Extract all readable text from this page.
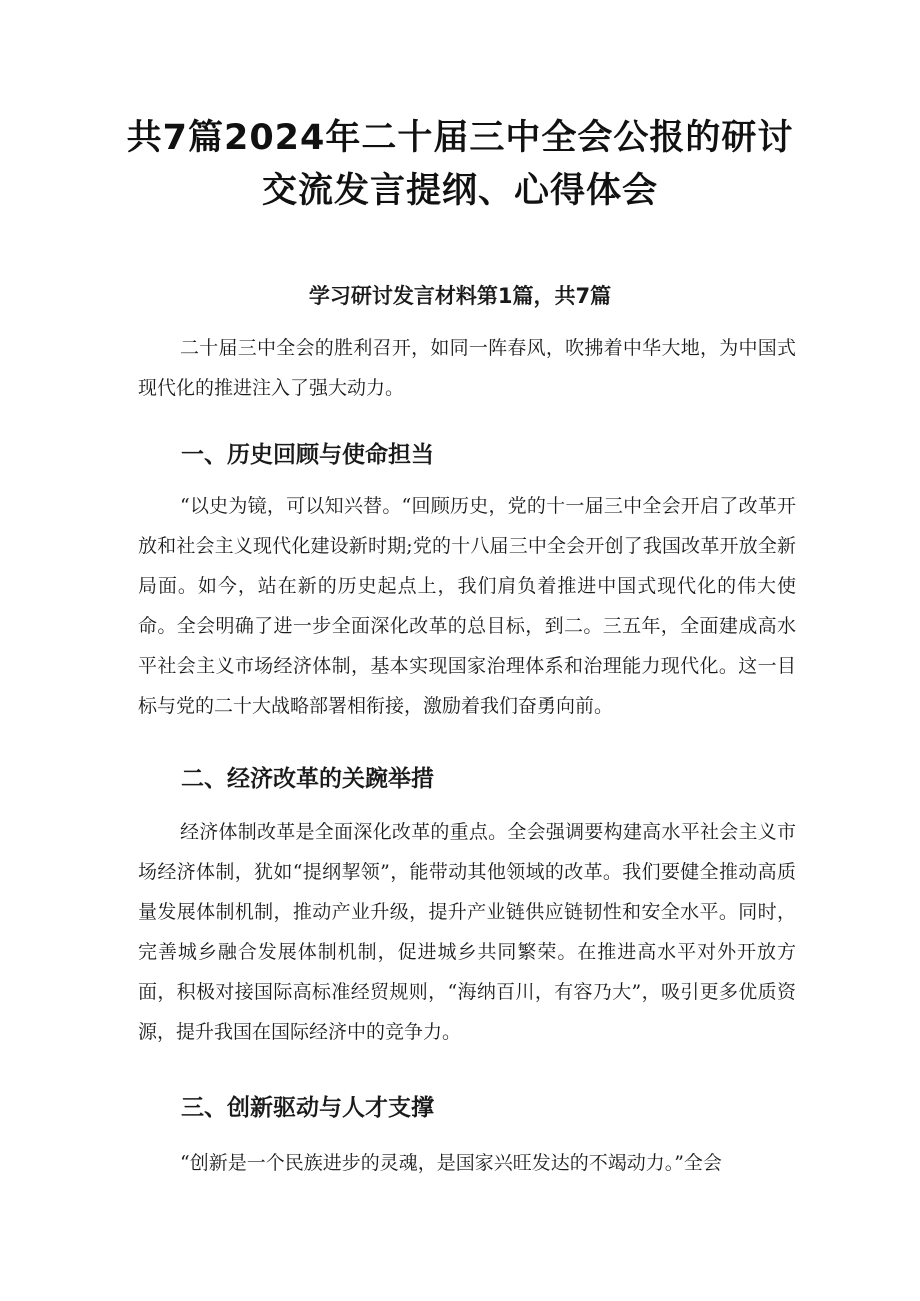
共7篇2024年二十届三中全会公报的研讨
交流发言提纲、心得体会
学习研讨发言材料第1篇，共7篇

二十届三中全会的胜利召开，如同一阵春风，吹拂着中华大地，为中国式现代化的推进注入了强大动力。

一、历史回顾与使命担当

“以史为镜，可以知兴替。“回顾历史，党的十一届三中全会开启了改革开放和社会主义现代化建设新时期;党的十八届三中全会开创了我国改革开放全新局面。如今，站在新的历史起点上，我们肩负着推进中国式现代化的伟大使命。全会明确了进一步全面深化改革的总目标，到二。三五年，全面建成高水平社会主义市场经济体制，基本实现国家治理体系和治理能力现代化。这一目标与党的二十大战略部署相衔接，激励着我们奋勇向前。

二、经济改革的关踠举措

经济体制改革是全面深化改革的重点。全会强调要构建高水平社会主义市场经济体制，犹如“提纲挈领”，能带动其他领域的改革。我们要健全推动高质量发展体制机制，推动产业升级，提升产业链供应链韧性和安全水平。同时，完善城乡融合发展体制机制，促进城乡共同繁荣。在推进高水平对外开放方面，积极对接国际高标准经贸规则，“海纳百川，有容乃大”，吸引更多优质资源，提升我国在国际经济中的竞争力。

三、创新驱动与人才支撑

“创新是一个民族进步的灵魂，是国家兴旺发达的不竭动力。”全会
